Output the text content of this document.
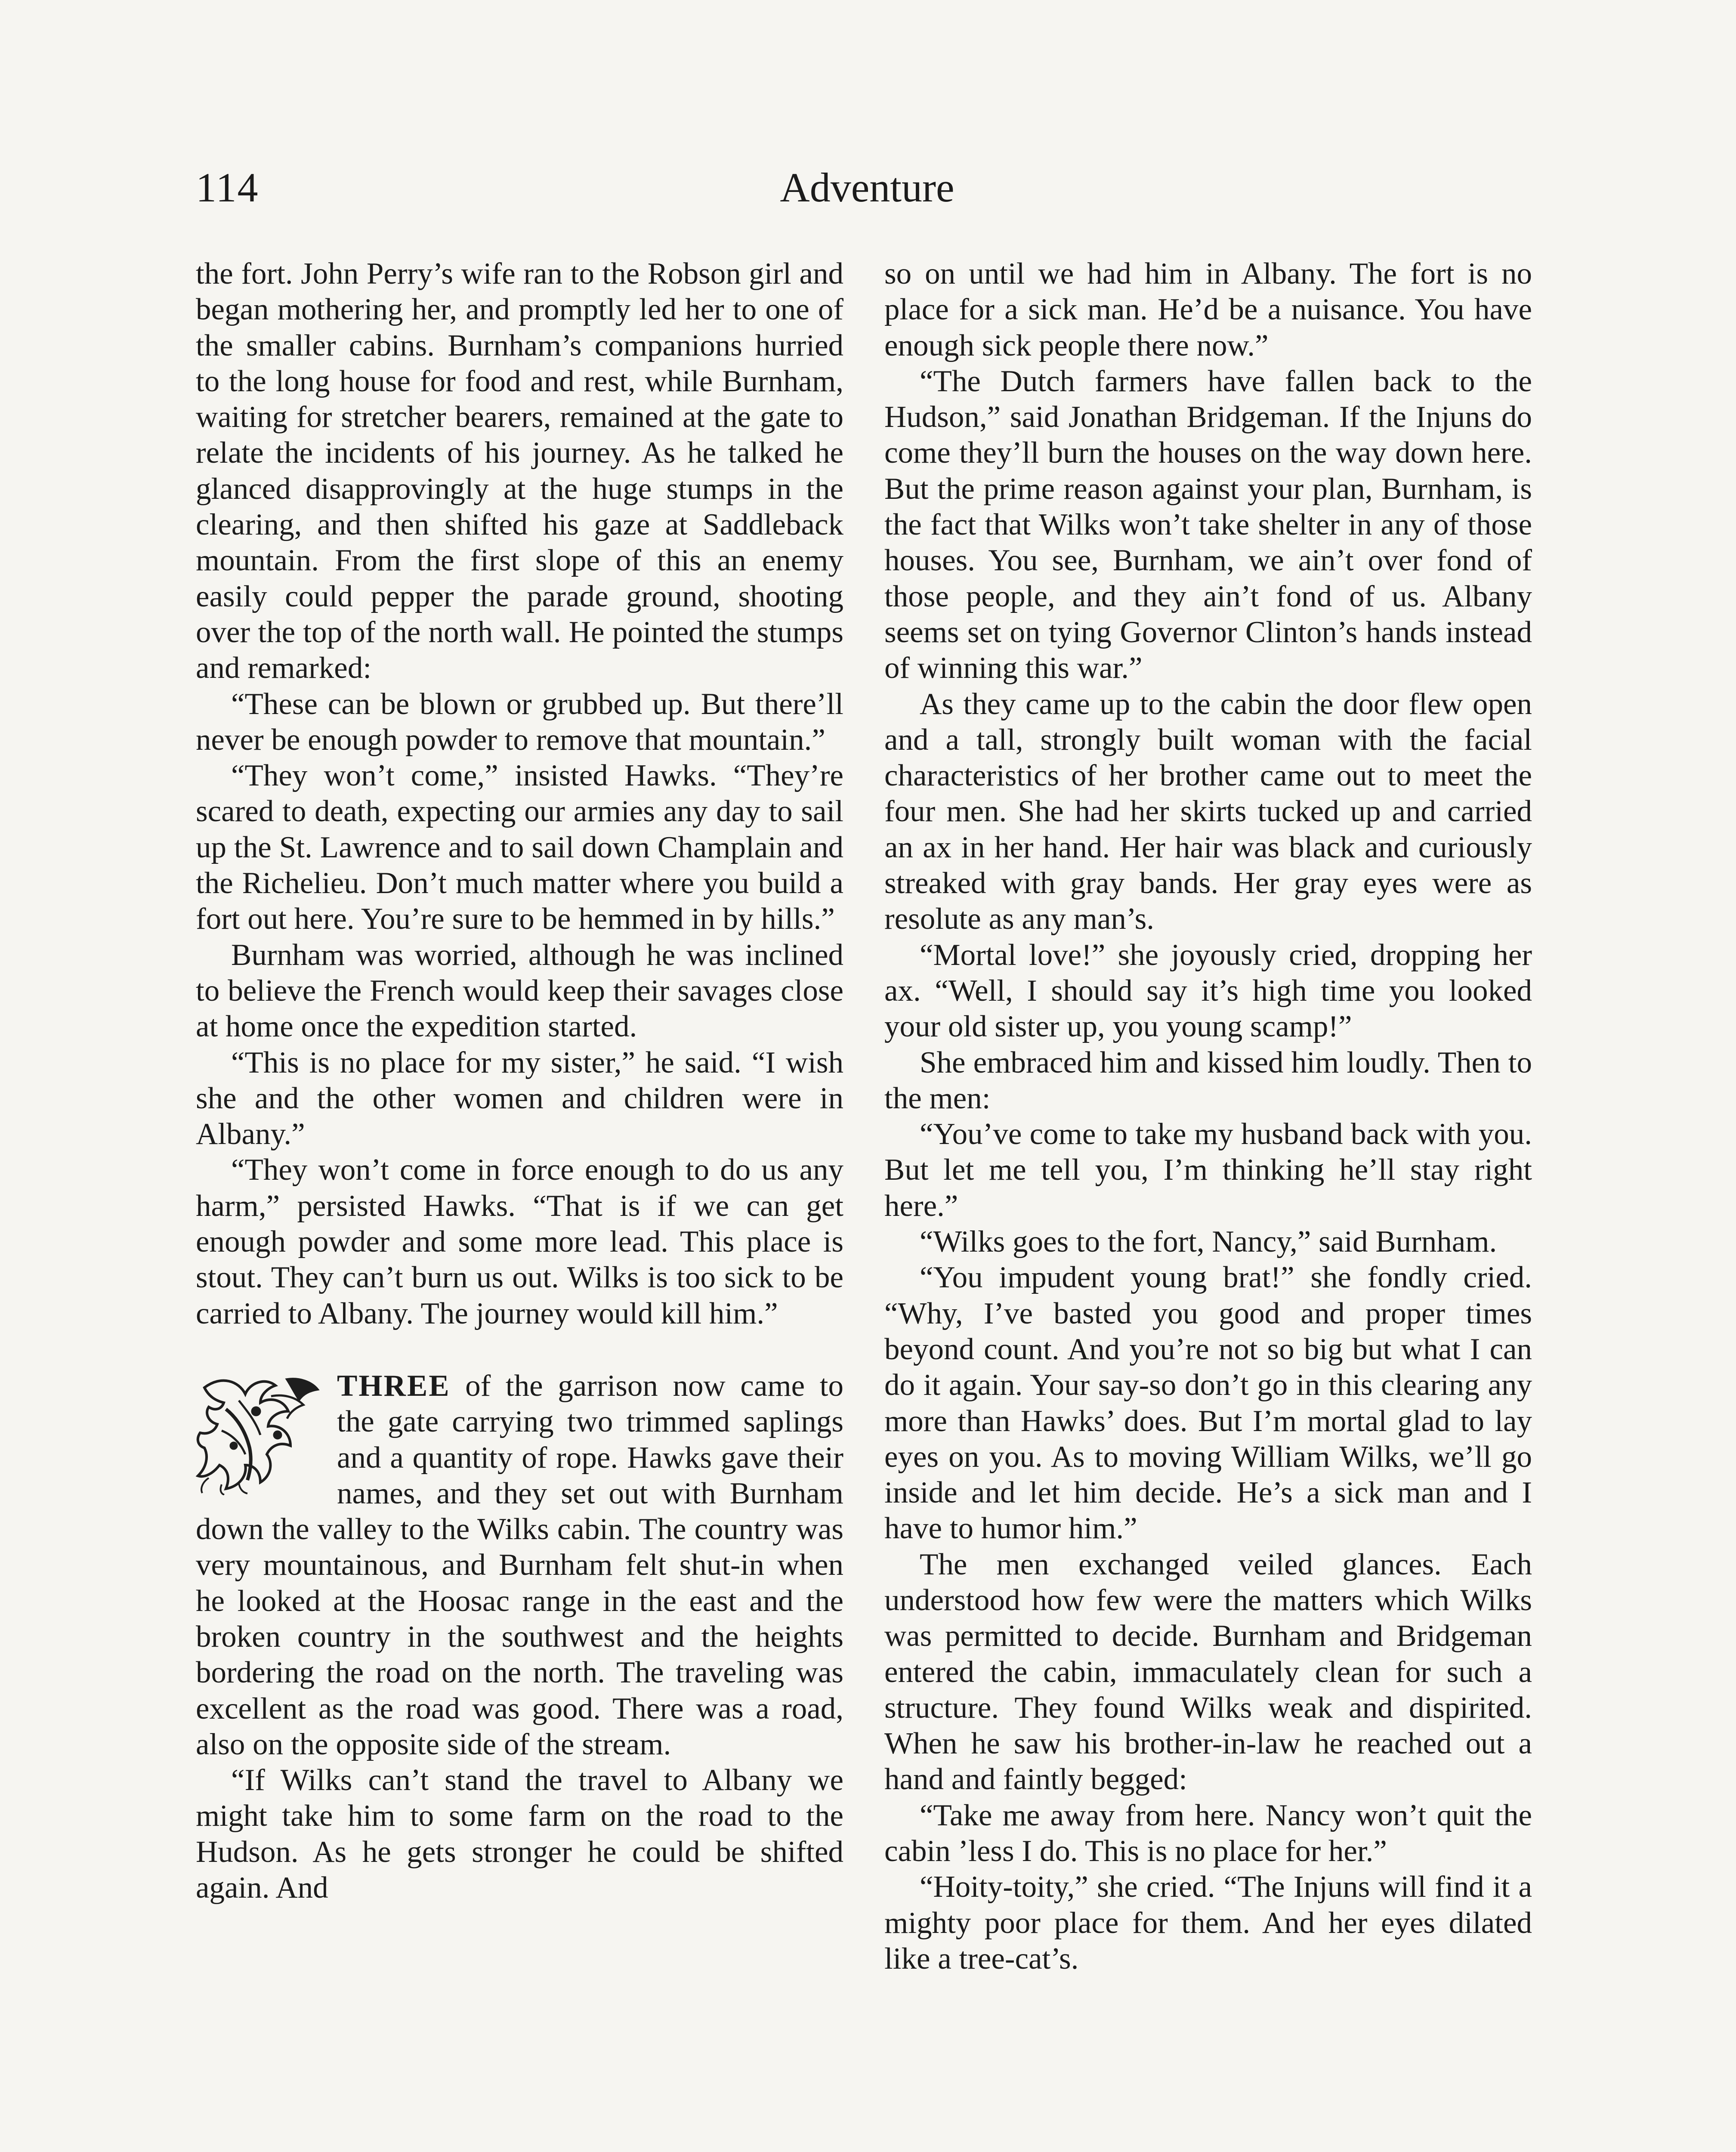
114	Adventure

the fort. John Perry’s wife ran to the Robson girl and began mothering her, and promptly led her to one of the smaller cabins. Burnham’s companions hurried to the long house for food and rest, while Burnham, waiting for stretcher bearers, remained at the gate to relate the incidents of his journey. As he talked he glanced disapprovingly at the huge stumps in the clearing, and then shifted his gaze at Saddleback mountain. From the first slope of this an enemy easily could pepper the parade ground, shooting over the top of the north wall. He pointed the stumps and remarked:

“These can be blown or grubbed up. But there’ll never be enough powder to remove that mountain.”

“They won’t come,” insisted Hawks. “They’re scared to death, expecting our armies any day to sail up the St. Lawrence and to sail down Champlain and the Richelieu. Don’t much matter where you build a fort out here. You’re sure to be hemmed in by hills.”

Burnham was worried, although he was inclined to believe the French would keep their savages close at home once the expedition started.

“This is no place for my sister,” he said. “I wish she and the other women and children were in Albany.”

“They won’t come in force enough to do us any harm,” persisted Hawks. “That is if we can get enough powder and some more lead. This place is stout. They can’t burn us out. Wilks is too sick to be carried to Albany. The journey would kill him.”

THREE of the garrison now came to the gate carrying two trimmed saplings and a quantity of rope. Hawks gave their names, and they set out with Burnham down the valley to the Wilks cabin. The country was very mountainous, and Burnham felt shut-in when he looked at the Hoosac range in the east and the broken country in the southwest and the heights bordering the road on the north. The traveling was excellent as the road was good. There was a road, also on the opposite side of the stream.

“If Wilks can’t stand the travel to Albany we might take him to some farm on the road to the Hudson. As he gets stronger he could be shifted again. And

so on until we had him in Albany. The fort is no place for a sick man. He’d be a nuisance. You have enough sick people there now.”

“The Dutch farmers have fallen back to the Hudson,” said Jonathan Bridgeman. If the Injuns do come they’ll burn the houses on the way down here. But the prime reason against your plan, Burnham, is the fact that Wilks won’t take shelter in any of those houses. You see, Burnham, we ain’t over fond of those people, and they ain’t fond of us. Albany seems set on tying Governor Clinton’s hands instead of winning this war.”

As they came up to the cabin the door flew open and a tall, strongly built woman with the facial characteristics of her brother came out to meet the four men. She had her skirts tucked up and carried an ax in her hand. Her hair was black and curiously streaked with gray bands. Her gray eyes were as resolute as any man’s.

“Mortal love!” she joyously cried, dropping her ax. “Well, I should say it’s high time you looked your old sister up, you young scamp!”

She embraced him and kissed him loudly. Then to the men:

“You’ve come to take my husband back with you. But let me tell you, I’m thinking he’ll stay right here.”

“Wilks goes to the fort, Nancy,” said Burnham.

“You impudent young brat!” she fondly cried. “Why, I’ve basted you good and proper times beyond count. And you’re not so big but what I can do it again. Your say-so don’t go in this clearing any more than Hawks’ does. But I’m mortal glad to lay eyes on you. As to moving William Wilks, we’ll go inside and let him decide. He’s a sick man and I have to humor him.”

The men exchanged veiled glances. Each understood how few were the matters which Wilks was permitted to decide. Burnham and Bridgeman entered the cabin, immaculately clean for such a structure. They found Wilks weak and dispirited. When he saw his brother-in-law he reached out a hand and faintly begged:

“Take me away from here. Nancy won’t quit the cabin ’less I do. This is no place for her.”

“Hoity-toity,” she cried. “The Injuns will find it a mighty poor place for them. And her eyes dilated like a tree-cat’s.
